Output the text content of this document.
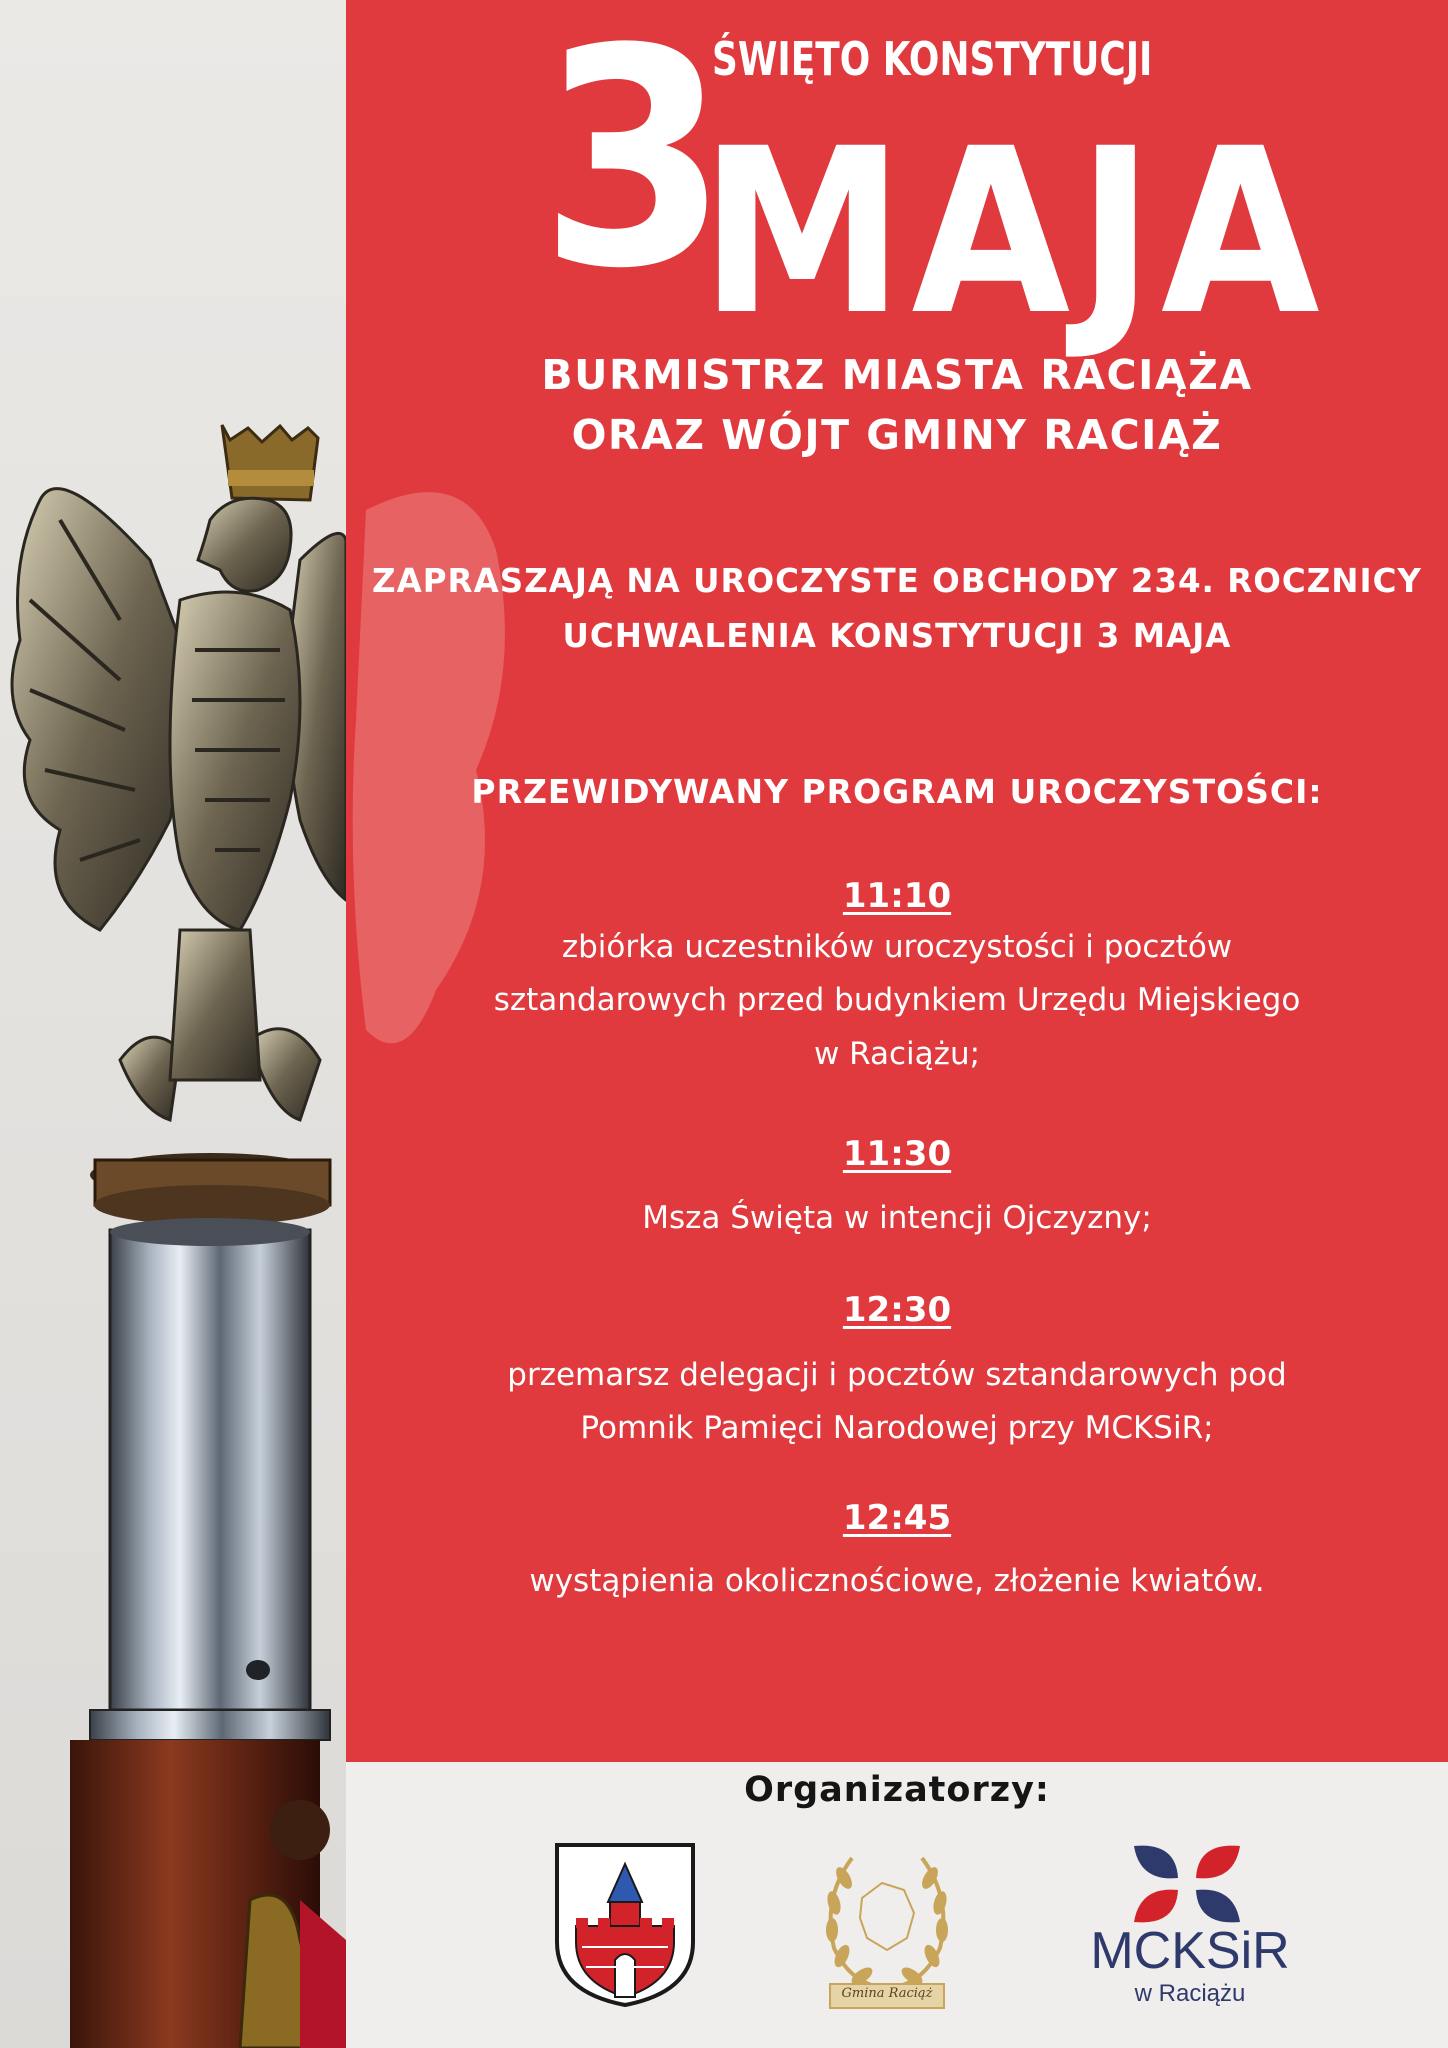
3
ŚWIĘTO KONSTYTUCJI
MAJA
BURMISTRZ MIASTA RACIĄŻA
ORAZ WÓJT GMINY RACIĄŻ
ZAPRASZAJĄ NA UROCZYSTE OBCHODY 234. ROCZNICY
UCHWALENIA KONSTYTUCJI 3 MAJA
PRZEWIDYWANY PROGRAM UROCZYSTOŚCI:
11:10
zbiórka uczestników uroczystości i pocztów
sztandarowych przed budynkiem Urzędu Miejskiego
w Raciążu;
11:30
Msza Święta w intencji Ojczyzny;
12:30
przemarsz delegacji i pocztów sztandarowych pod
Pomnik Pamięci Narodowej przy MCKSiR;
12:45
wystąpienia okolicznościowe, złożenie kwiatów.
Organizatorzy:
Gmina Raciąż
MCKSiR
w Raciążu
